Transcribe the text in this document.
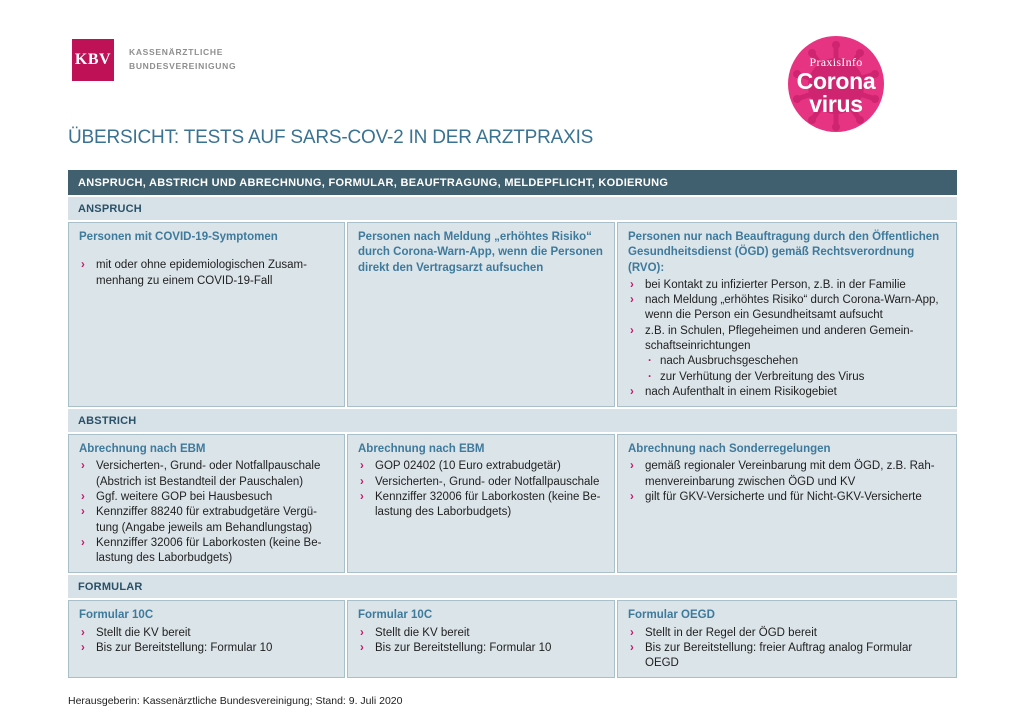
KBV KASSENÄRZTLICHE
BUNDESVEREINIGUNG	PraxisInfo
Corona
virus
ÜBERSICHT: TESTS AUF SARS-COV-2 IN DER ARZTPRAXIS
ANSPRUCH, ABSTRICH UND ABRECHNUNG, FORMULAR, BEAUFTRAGUNG, MELDEPFLICHT, KODIERUNG
ANSPRUCH
Personen mit COVID-19-Symptomen
› mit oder ohne epidemiologischen Zusammenhang zu einem COVID-19-Fall
Personen nach Meldung „erhöhtes Risiko“ durch Corona-Warn-App, wenn die Personen direkt den Vertragsarzt aufsuchen
Personen nur nach Beauftragung durch den Öffentlichen Gesundheitsdienst (ÖGD) gemäß Rechtsverordnung (RVO):
› bei Kontakt zu infizierter Person, z.B. in der Familie
› nach Meldung „erhöhtes Risiko“ durch Corona-Warn-App, wenn die Person ein Gesundheitsamt aufsucht
› z.B. in Schulen, Pflegeheimen und anderen Gemeinschaftseinrichtungen
· nach Ausbruchsgeschehen
· zur Verhütung der Verbreitung des Virus
› nach Aufenthalt in einem Risikogebiet
ABSTRICH
Abrechnung nach EBM
› Versicherten-, Grund- oder Notfallpauschale (Abstrich ist Bestandteil der Pauschalen)
› Ggf. weitere GOP bei Hausbesuch
› Kennziffer 88240 für extrabudgetäre Vergütung (Angabe jeweils am Behandlungstag)
› Kennziffer 32006 für Laborkosten (keine Belastung des Laborbudgets)
Abrechnung nach EBM
› GOP 02402 (10 Euro extrabudgetär)
› Versicherten-, Grund- oder Notfallpauschale
› Kennziffer 32006 für Laborkosten (keine Belastung des Laborbudgets)
Abrechnung nach Sonderregelungen
› gemäß regionaler Vereinbarung mit dem ÖGD, z.B. Rahmenvereinbarung zwischen ÖGD und KV
› gilt für GKV-Versicherte und für Nicht-GKV-Versicherte
FORMULAR
Formular 10C
› Stellt die KV bereit
› Bis zur Bereitstellung: Formular 10
Formular 10C
› Stellt die KV bereit
› Bis zur Bereitstellung: Formular 10
Formular OEGD
› Stellt in der Regel der ÖGD bereit
› Bis zur Bereitstellung: freier Auftrag analog Formular OEGD
Herausgeberin: Kassenärztliche Bundesvereinigung; Stand: 9. Juli 2020
